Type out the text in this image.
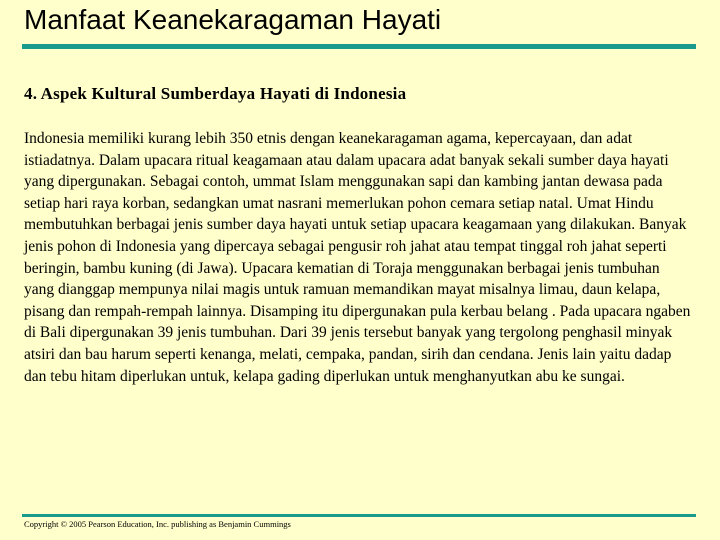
Manfaat Keanekaragaman Hayati
4. Aspek Kultural Sumberdaya Hayati di Indonesia

Indonesia memiliki kurang lebih 350 etnis dengan keanekaragaman agama, kepercayaan, dan adat istiadatnya. Dalam upacara ritual keagamaan atau dalam upacara adat banyak sekali sumber daya hayati yang dipergunakan. Sebagai contoh, ummat Islam menggunakan sapi dan kambing jantan dewasa pada setiap hari raya korban, sedangkan umat nasrani memerlukan pohon cemara setiap natal. Umat Hindu membutuhkan berbagai jenis sumber daya hayati untuk setiap upacara keagamaan yang dilakukan. Banyak jenis pohon di Indonesia yang dipercaya sebagai pengusir roh jahat atau tempat tinggal roh jahat seperti beringin, bambu kuning (di Jawa). Upacara kematian di Toraja menggunakan berbagai jenis tumbuhan yang dianggap mempunya nilai magis untuk ramuan memandikan mayat misalnya limau, daun kelapa, pisang dan rempah-rempah lainnya. Disamping itu dipergunakan pula kerbau belang . Pada upacara ngaben di Bali dipergunakan 39 jenis tumbuhan. Dari 39 jenis tersebut banyak yang tergolong penghasil minyak atsiri dan bau harum seperti kenanga, melati, cempaka, pandan, sirih dan cendana. Jenis lain yaitu dadap dan tebu hitam diperlukan untuk, kelapa gading diperlukan untuk menghanyutkan abu ke sungai.

Copyright © 2005 Pearson Education, Inc. publishing as Benjamin Cummings
